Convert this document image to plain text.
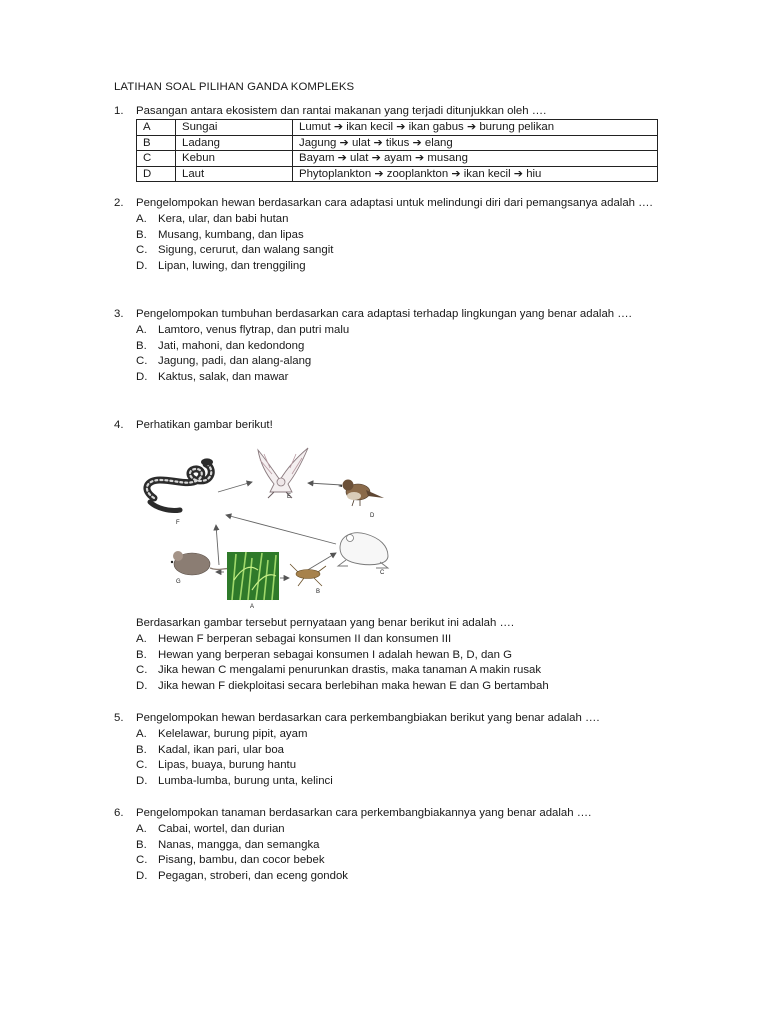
LATIHAN SOAL PILIHAN GANDA KOMPLEKS
1.	Pasangan antara ekosistem dan rantai makanan yang terjadi ditunjukkan oleh ….
A	Sungai	Lumut ➔ ikan kecil ➔ ikan gabus ➔ burung pelikan
B	Ladang	Jagung ➔ ulat ➔ tikus ➔ elang
C	Kebun	Bayam ➔ ulat ➔ ayam ➔ musang
D	Laut	Phytoplankton ➔ zooplankton ➔ ikan kecil ➔ hiu
2.	Pengelompokan hewan berdasarkan cara adaptasi untuk melindungi diri dari pemangsanya adalah ….
A. Kera, ular, dan babi hutan
B. Musang, kumbang, dan lipas
C. Sigung, cerurut, dan walang sangit
D. Lipan, luwing, dan trenggiling
3.	Pengelompokan tumbuhan berdasarkan cara adaptasi terhadap lingkungan yang benar adalah ….
A. Lamtoro, venus flytrap, dan putri malu
B. Jati, mahoni, dan kedondong
C. Jagung, padi, dan alang-alang
D. Kaktus, salak, dan mawar
4.	Perhatikan gambar berikut!
E
D
F
C
G
B
A
Berdasarkan gambar tersebut pernyataan yang benar berikut ini adalah ….
A. Hewan F berperan sebagai konsumen II dan konsumen III
B. Hewan yang berperan sebagai konsumen I adalah hewan B, D, dan G
C. Jika hewan C mengalami penurunkan drastis, maka tanaman A makin rusak
D. Jika hewan F diekploitasi secara berlebihan maka hewan E dan G bertambah
5.	Pengelompokan hewan berdasarkan cara perkembangbiakan berikut yang benar adalah ….
A. Kelelawar, burung pipit, ayam
B. Kadal, ikan pari, ular boa
C. Lipas, buaya, burung hantu
D. Lumba-lumba, burung unta, kelinci
6.	Pengelompokan tanaman berdasarkan cara perkembangbiakannya yang benar adalah ….
A. Cabai, wortel, dan durian
B. Nanas, mangga, dan semangka
C. Pisang, bambu, dan cocor bebek
D. Pegagan, stroberi, dan eceng gondok
